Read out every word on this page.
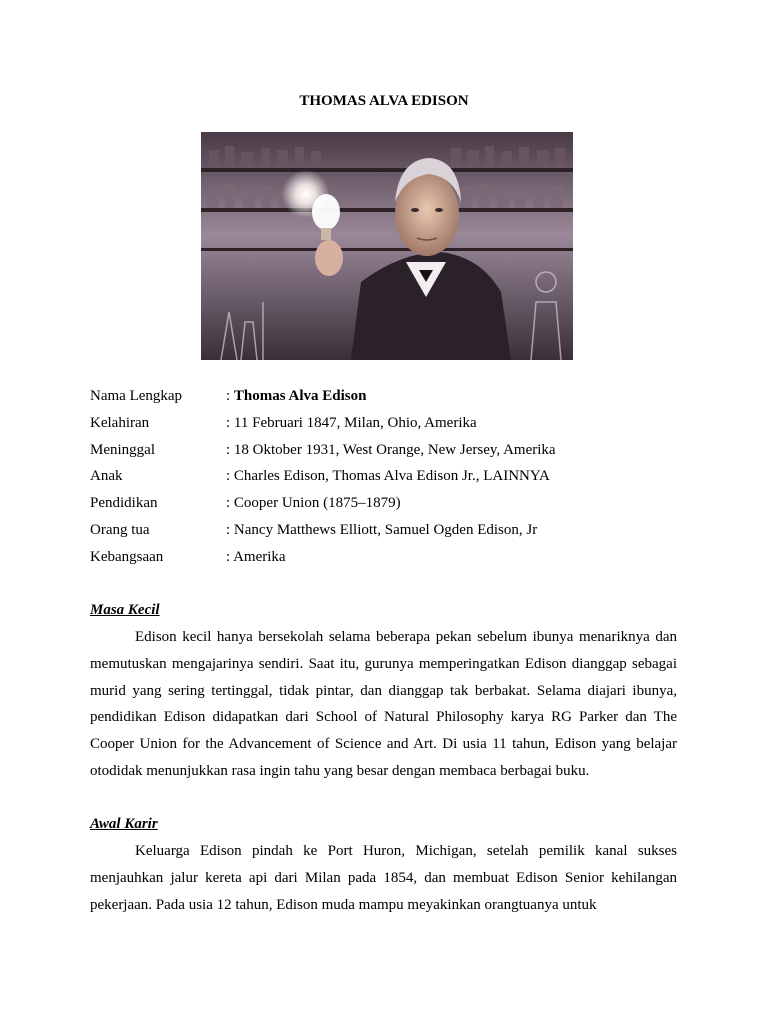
THOMAS ALVA EDISON
Nama Lengkap	: Thomas Alva Edison
Kelahiran	: 11 Februari 1847, Milan, Ohio, Amerika
Meninggal	: 18 Oktober 1931, West Orange, New Jersey, Amerika
Anak	: Charles Edison, Thomas Alva Edison Jr., LAINNYA
Pendidikan	: Cooper Union (1875–1879)
Orang tua	: Nancy Matthews Elliott, Samuel Ogden Edison, Jr
Kebangsaan	: Amerika
Masa Kecil

Edison kecil hanya bersekolah selama beberapa pekan sebelum ibunya menariknya dan memutuskan mengajarinya sendiri. Saat itu, gurunya memperingatkan Edison dianggap sebagai murid yang sering tertinggal, tidak pintar, dan dianggap tak berbakat. Selama diajari ibunya, pendidikan Edison didapatkan dari School of Natural Philosophy karya RG Parker dan The Cooper Union for the Advancement of Science and Art. Di usia 11 tahun, Edison yang belajar otodidak menunjukkan rasa ingin tahu yang besar dengan membaca berbagai buku.

Awal Karir

Keluarga Edison pindah ke Port Huron, Michigan, setelah pemilik kanal sukses menjauhkan jalur kereta api dari Milan pada 1854, dan membuat Edison Senior kehilangan pekerjaan. Pada usia 12 tahun, Edison muda mampu meyakinkan orangtuanya untuk
